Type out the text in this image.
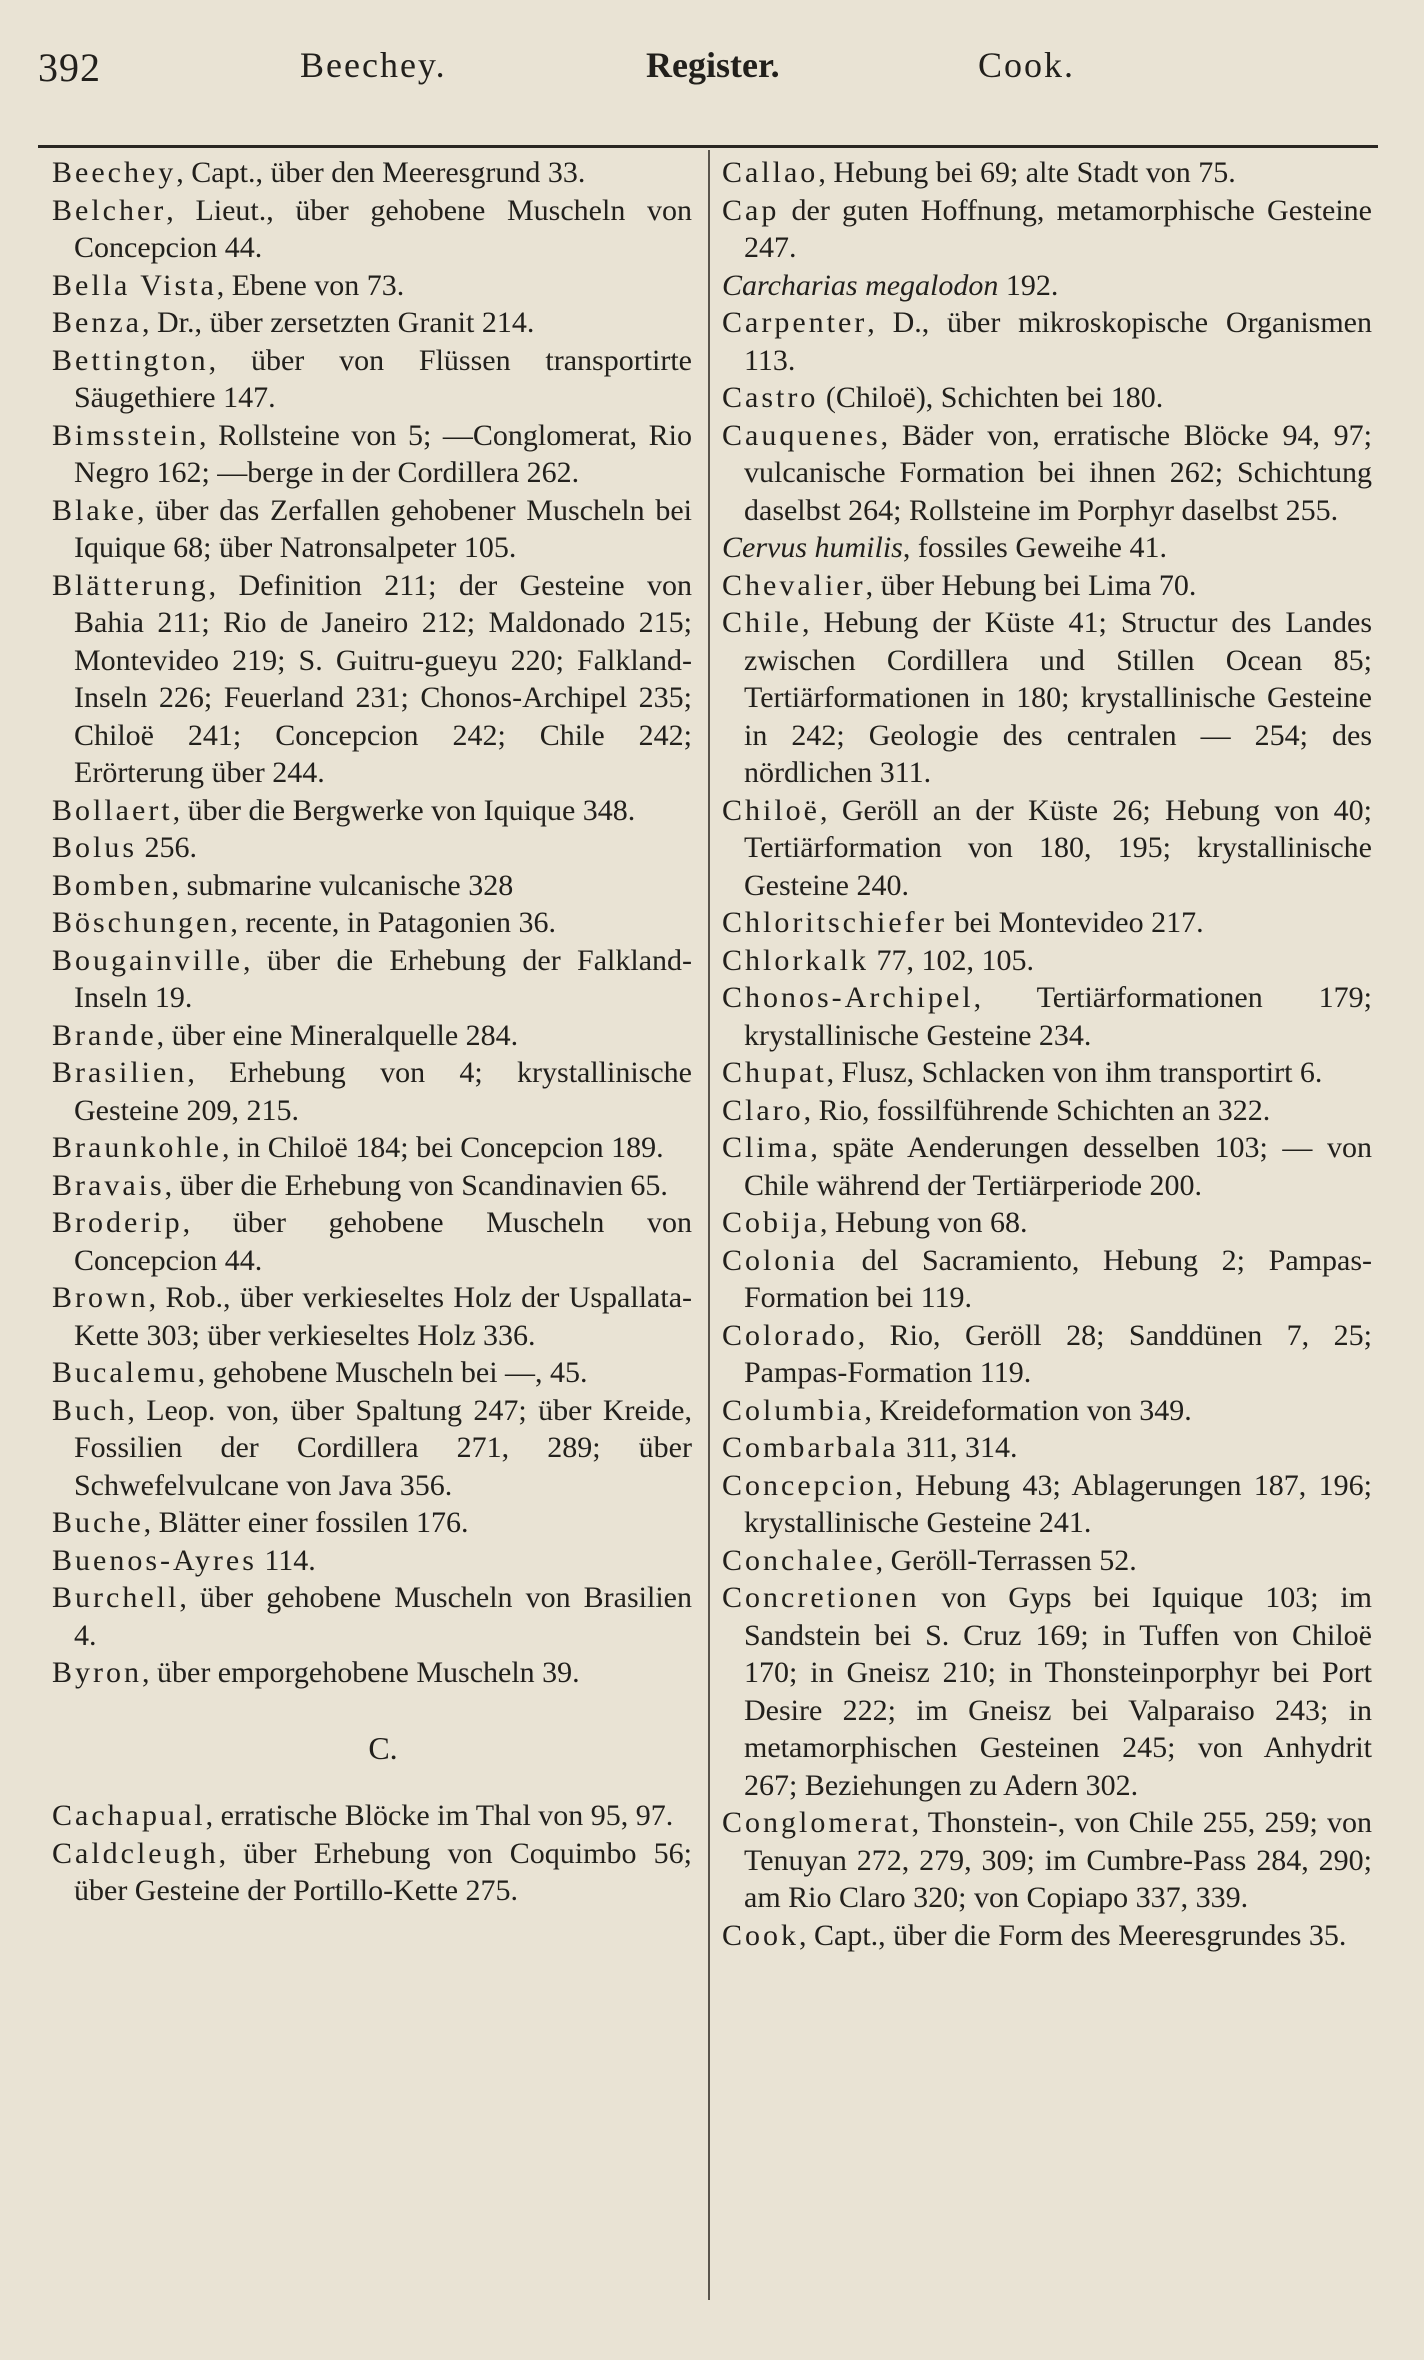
392	Beechey.	Register.	Cook.

Beechey, Capt., über den Meeresgrund 33.

Belcher, Lieut., über gehobene Muscheln von Concepcion 44.

Bella Vista, Ebene von 73.

Benza, Dr., über zersetzten Granit 214.

Bettington, über von Flüssen transportirte Säugethiere 147.

Bimsstein, Rollsteine von 5; —Conglomerat, Rio Negro 162; —berge in der Cordillera 262.

Blake, über das Zerfallen gehobener Muscheln bei Iquique 68; über Natronsalpeter 105.

Blätterung, Definition 211; der Gesteine von Bahia 211; Rio de Janeiro 212; Maldonado 215; Montevideo 219; S. Guitru-gueyu 220; Falkland-Inseln 226; Feuerland 231; Chonos-Archipel 235; Chiloë 241; Concepcion 242; Chile 242; Erörterung über 244.

Bollaert, über die Bergwerke von Iquique 348.

Bolus 256.

Bomben, submarine vulcanische 328

Böschungen, recente, in Patagonien 36.

Bougainville, über die Erhebung der Falkland-Inseln 19.

Brande, über eine Mineralquelle 284.

Brasilien, Erhebung von 4; krystallinische Gesteine 209, 215.

Braunkohle, in Chiloë 184; bei Concepcion 189.

Bravais, über die Erhebung von Scandinavien 65.

Broderip, über gehobene Muscheln von Concepcion 44.

Brown, Rob., über verkieseltes Holz der Uspallata-Kette 303; über verkieseltes Holz 336.

Bucalemu, gehobene Muscheln bei —, 45.

Buch, Leop. von, über Spaltung 247; über Kreide, Fossilien der Cordillera 271, 289; über Schwefelvulcane von Java 356.

Buche, Blätter einer fossilen 176.

Buenos-Ayres 114.

Burchell, über gehobene Muscheln von Brasilien 4.

Byron, über emporgehobene Muscheln 39.

C.

Cachapual, erratische Blöcke im Thal von 95, 97.

Caldcleugh, über Erhebung von Coquimbo 56; über Gesteine der Portillo-Kette 275.

Callao, Hebung bei 69; alte Stadt von 75.

Cap der guten Hoffnung, metamorphische Gesteine 247.

Carcharias megalodon 192.

Carpenter, D., über mikroskopische Organismen 113.

Castro (Chiloë), Schichten bei 180.

Cauquenes, Bäder von, erratische Blöcke 94, 97; vulcanische Formation bei ihnen 262; Schichtung daselbst 264; Rollsteine im Porphyr daselbst 255.

Cervus humilis, fossiles Geweihe 41.

Chevalier, über Hebung bei Lima 70.

Chile, Hebung der Küste 41; Structur des Landes zwischen Cordillera und Stillen Ocean 85; Tertiärformationen in 180; krystallinische Gesteine in 242; Geologie des centralen — 254; des nördlichen 311.

Chiloë, Geröll an der Küste 26; Hebung von 40; Tertiärformation von 180, 195; krystallinische Gesteine 240.

Chloritschiefer bei Montevideo 217.

Chlorkalk 77, 102, 105.

Chonos-Archipel, Tertiärformationen 179; krystallinische Gesteine 234.

Chupat, Flusz, Schlacken von ihm transportirt 6.

Claro, Rio, fossilführende Schichten an 322.

Clima, späte Aenderungen desselben 103; — von Chile während der Tertiärperiode 200.

Cobija, Hebung von 68.

Colonia del Sacramiento, Hebung 2; Pampas-Formation bei 119.

Colorado, Rio, Geröll 28; Sanddünen 7, 25; Pampas-Formation 119.

Columbia, Kreideformation von 349.

Combarbala 311, 314.

Concepcion, Hebung 43; Ablagerungen 187, 196; krystallinische Gesteine 241.

Conchalee, Geröll-Terrassen 52.

Concretionen von Gyps bei Iquique 103; im Sandstein bei S. Cruz 169; in Tuffen von Chiloë 170; in Gneisz 210; in Thonsteinporphyr bei Port Desire 222; im Gneisz bei Valparaiso 243; in metamorphischen Gesteinen 245; von Anhydrit 267; Beziehungen zu Adern 302.

Conglomerat, Thonstein-, von Chile 255, 259; von Tenuyan 272, 279, 309; im Cumbre-Pass 284, 290; am Rio Claro 320; von Copiapo 337, 339.

Cook, Capt., über die Form des Meeresgrundes 35.
